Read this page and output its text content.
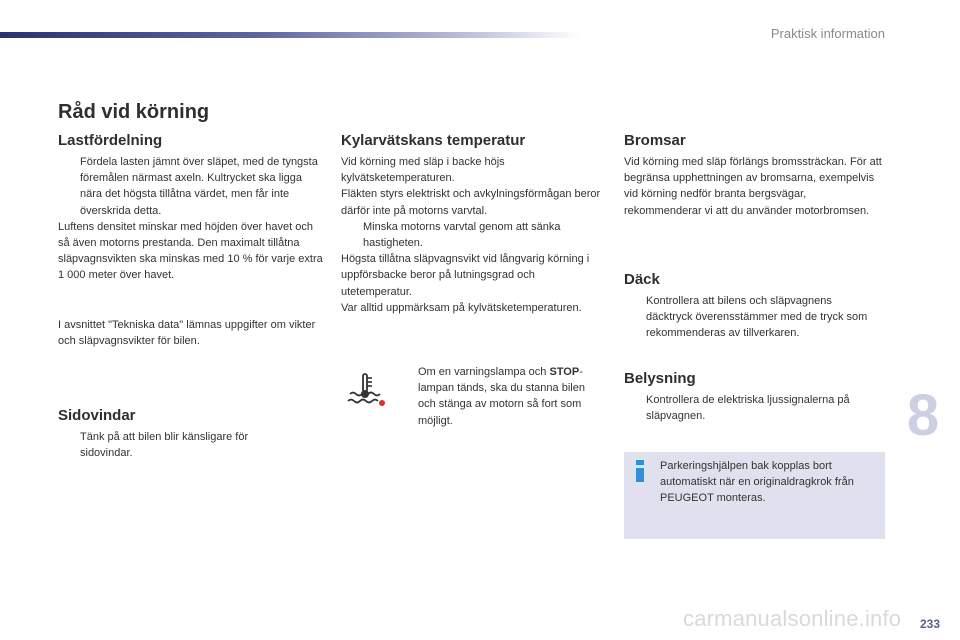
Praktisk information
Råd vid körning
Lastfördelning

Fördela lasten jämnt över släpet, med de tyngsta föremålen närmast axeln. Kultrycket ska ligga nära det högsta tillåtna värdet, men får inte överskrida detta.

Luftens densitet minskar med höjden över havet och så även motorns prestanda. Den maximalt tillåtna släpvagnsvikten ska minskas med 10 % för varje extra 1 000 meter över havet.

I avsnittet "Tekniska data" lämnas uppgifter om vikter och släpvagnsvikter för bilen.
Sidovindar

Tänk på att bilen blir känsligare för sidovindar.

Kylarvätskans temperatur

Vid körning med släp i backe höjs kylvätsketemperaturen.

Fläkten styrs elektriskt och avkylningsförmågan beror därför inte på motorns varvtal.

Minska motorns varvtal genom att sänka hastigheten.

Högsta tillåtna släpvagnsvikt vid långvarig körning i uppförsbacke beror på lutningsgrad och utetemperatur.

Var alltid uppmärksam på kylvätsketemperaturen.

Om en varningslampa och STOP-lampan tänds, ska du stanna bilen och stänga av motorn så fort som möjligt.

Bromsar
Vid körning med släp förlängs bromssträckan. För att begränsa upphettningen av bromsarna, exempelvis vid körning nedför branta bergsvägar, rekommenderar vi att du använder motorbromsen.
Däck

Kontrollera att bilens och släpvagnens däcktryck överensstämmer med de tryck som rekommenderas av tillverkaren.

Belysning

Kontrollera de elektriska ljussignalerna på släpvagnen.

Parkeringshjälpen bak kopplas bort automatiskt när en originaldragkrok från PEUGEOT monteras.
8
carmanualsonline.info 233
